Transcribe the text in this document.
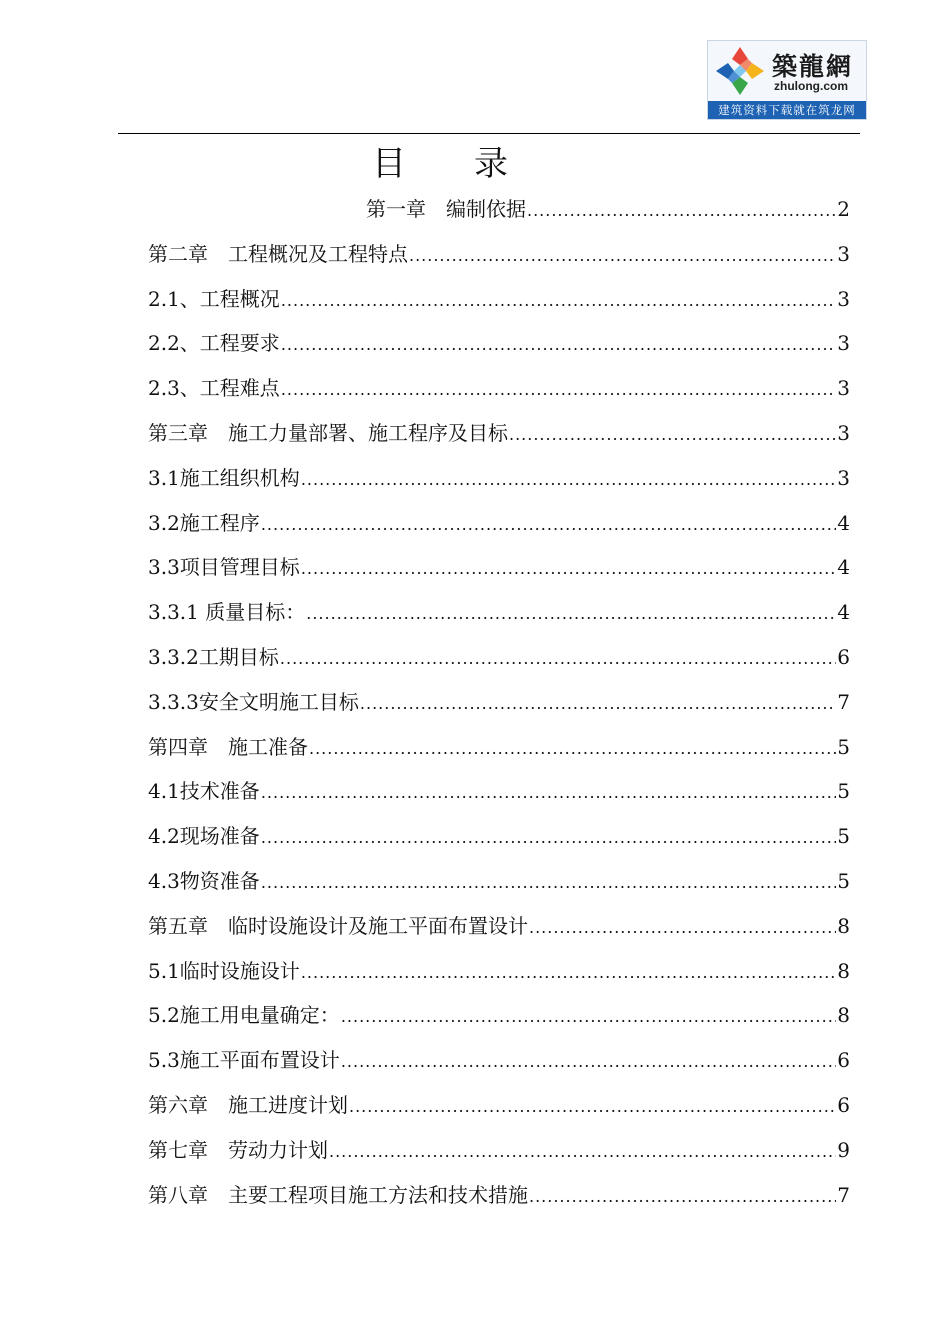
築龍網
zhulong.com
建筑资料下载就在筑龙网
目　　录
第一章　编制依据 .....	2
第二章　工程概况及工程特点 .....	3
2.1、工程概况 .....	3
2.2、工程要求 .....	3
2.3、工程难点 .....	3
第三章　施工力量部署、施工程序及目标 .....	3
3.1施工组织机构 .....	3
3.2施工程序 .....	4
3.3项目管理目标 .....	4
3.3.1 质量目标： .....	4
3.3.2工期目标 .....	6
3.3.3安全文明施工目标 .....	7
第四章　施工准备 .....	5
4.1技术准备 .....	5
4.2现场准备 .....	5
4.3物资准备 .....	5
第五章　临时设施设计及施工平面布置设计 .....	8
5.1临时设施设计 .....	8
5.2施工用电量确定： .....	8
5.3施工平面布置设计 .....	6
第六章　施工进度计划 .....	6
第七章　劳动力计划 .....	9
第八章　主要工程项目施工方法和技术措施 .....	7
